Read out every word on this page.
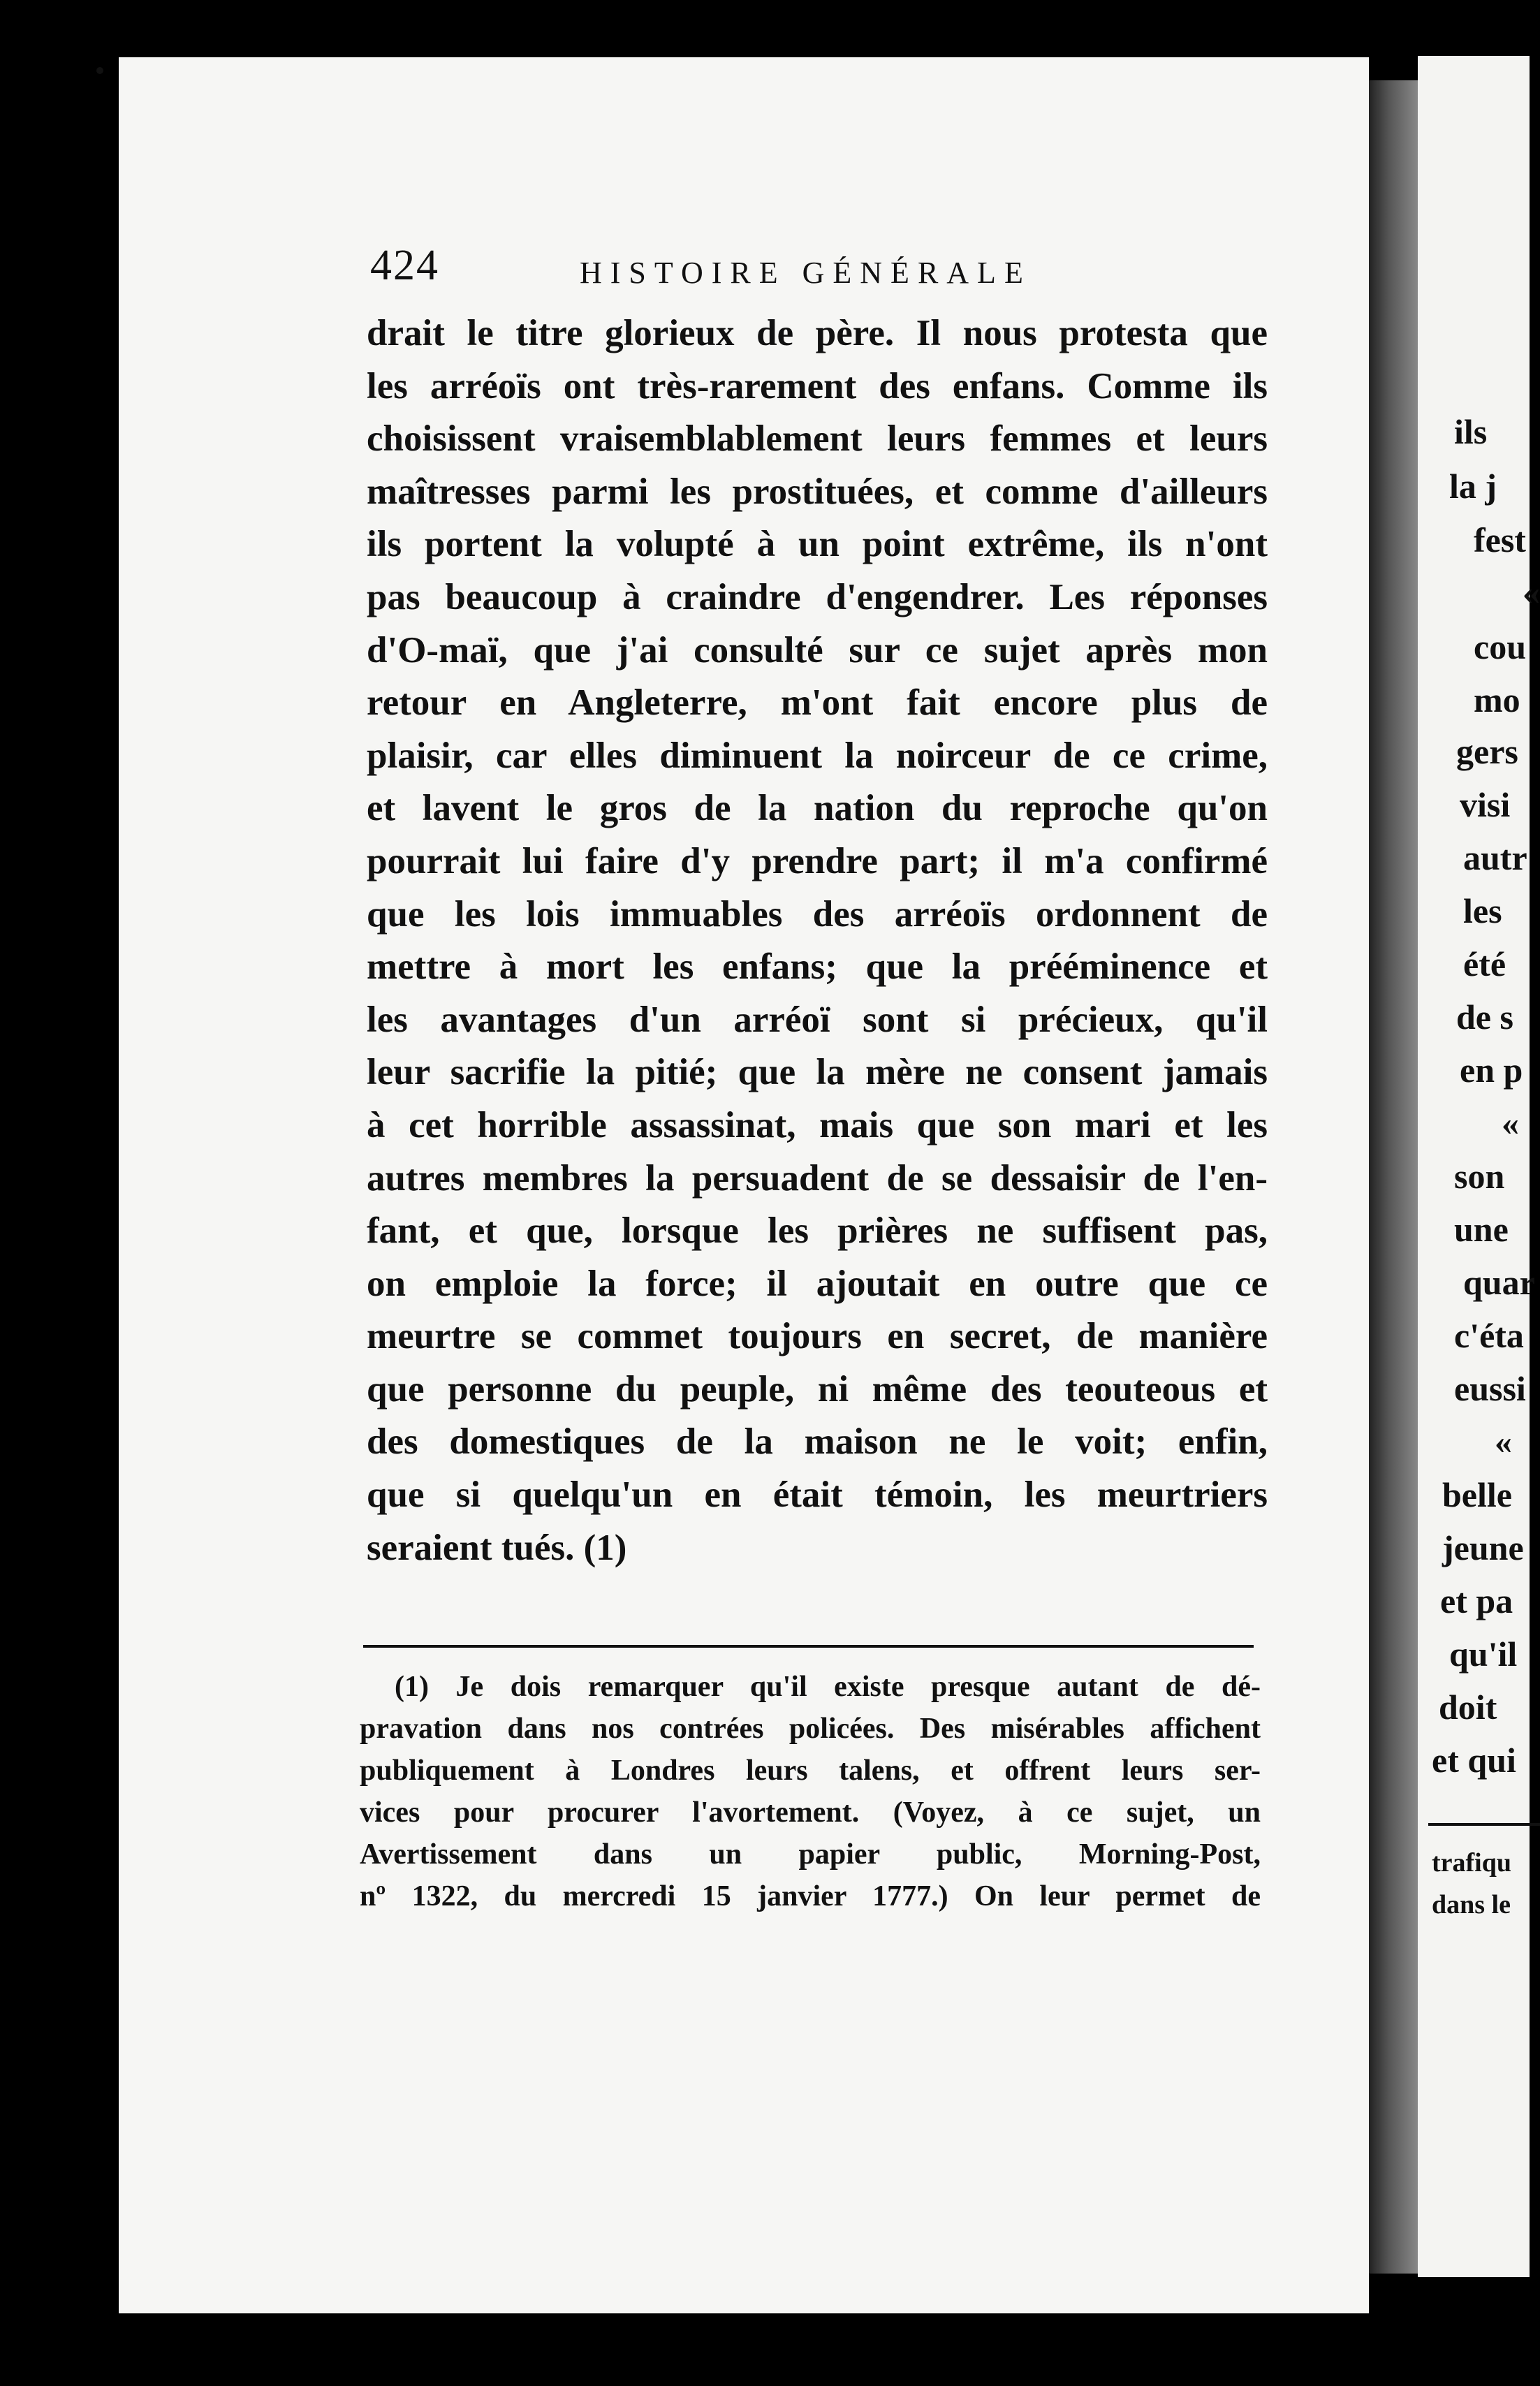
ils
la j
fest
«
cou
mo
gers
visi
autr
les
été
de s
en p
«
son
une
quar
c'éta
eussi
«
belle
jeune
et pa
qu'il
doit
et qui
trafiqu
dans le
424	HISTOIRE GÉNÉRALE
drait le titre glorieux de père. Il nous protesta que
les arréoïs ont très-rarement des enfans. Comme ils
choisissent vraisemblablement leurs femmes et leurs
maîtresses parmi les prostituées, et comme d'ailleurs
ils portent la volupté à un point extrême, ils n'ont
pas beaucoup à craindre d'engendrer. Les réponses
d'O-maï, que j'ai consulté sur ce sujet après mon
retour en Angleterre, m'ont fait encore plus de
plaisir, car elles diminuent la noirceur de ce crime,
et lavent le gros de la nation du reproche qu'on
pourrait lui faire d'y prendre part; il m'a confirmé
que les lois immuables des arréoïs ordonnent de
mettre à mort les enfans; que la prééminence et
les avantages d'un arréoï sont si précieux, qu'il
leur sacrifie la pitié; que la mère ne consent jamais
à cet horrible assassinat, mais que son mari et les
autres membres la persuadent de se dessaisir de l'en-
fant, et que, lorsque les prières ne suffisent pas,
on emploie la force; il ajoutait en outre que ce
meurtre se commet toujours en secret, de manière
que personne du peuple, ni même des teouteous et
des domestiques de la maison ne le voit; enfin,
que si quelqu'un en était témoin, les meurtriers
seraient tués. (1)
(1) Je dois remarquer qu'il existe presque autant de dé-
pravation dans nos contrées policées. Des misérables affichent
publiquement à Londres leurs talens, et offrent leurs ser-
vices pour procurer l'avortement. (Voyez, à ce sujet, un
Avertissement dans un papier public, Morning-Post,
nº 1322, du mercredi 15 janvier 1777.) On leur permet de
